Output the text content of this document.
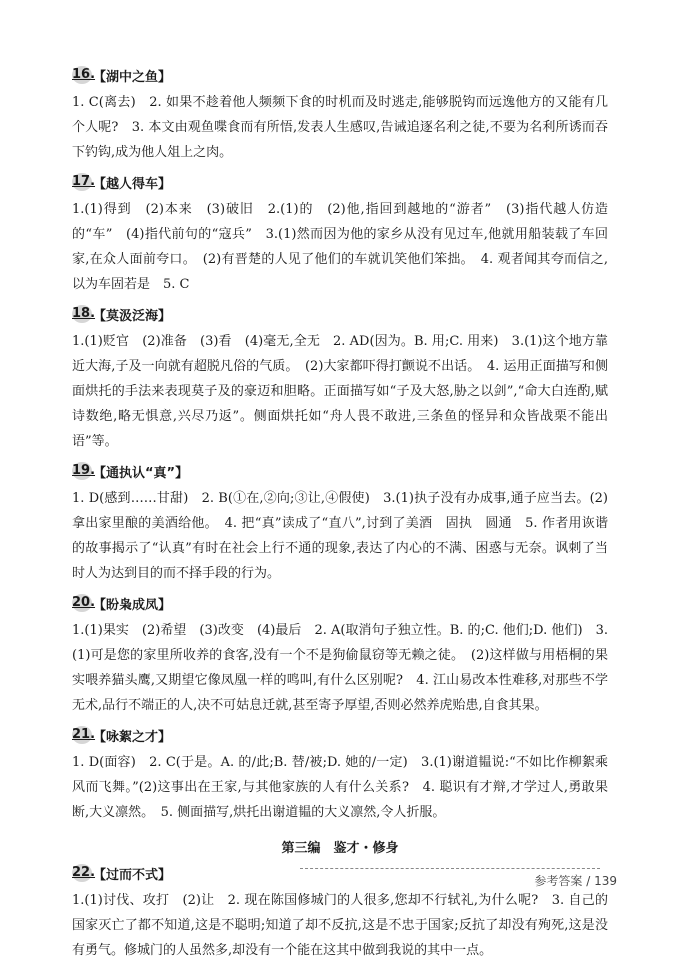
16.
【湖中之鱼】

1. C(离去)　2. 如果不趁着他人频频下食的时机而及时逃走,能够脱钩而远逸他方的又能有几个人呢?　3. 本文由观鱼喋食而有所悟,发表人生感叹,告诫追逐名利之徒,不要为名利所诱而吞下钓钩,成为他人俎上之肉。

17.
【越人得车】

1.(1)得到　(2)本来　(3)破旧　2.(1)的　(2)他,指回到越地的“游者”　(3)指代越人仿造的“车”　(4)指代前句的“寇兵”　3.(1)然而因为他的家乡从没有见过车,他就用船装载了车回家,在众人面前夸口。　(2)有晋楚的人见了他们的车就讥笑他们笨拙。　4. 观者闻其夸而信之,以为车固若是　5. C

18.
【莫汲泛海】

1.(1)贬官　(2)准备　(3)看　(4)毫无,全无　2. AD(因为。B. 用;C. 用来)　3.(1)这个地方靠近大海,子及一向就有超脱凡俗的气质。　(2)大家都吓得打颤说不出话。　4. 运用正面描写和侧面烘托的手法来表现莫子及的豪迈和胆略。正面描写如“子及大怒,胁之以剑”,“命大白连酌,赋诗数绝,略无惧意,兴尽乃返”。侧面烘托如“舟人畏不敢进,三条鱼的怪异和众皆战栗不能出语”等。

19.
【通执认“真”】

1. D(感到……甘甜)　2. B(①在,②向;③让,④假使)　3.(1)执子没有办成事,通子应当去。(2)拿出家里酿的美酒给他。　4. 把“真”读成了“直八”,讨到了美酒　固执　圆通　5. 作者用诙谐的故事揭示了“认真”有时在社会上行不通的现象,表达了内心的不满、困惑与无奈。讽刺了当时人为达到目的而不择手段的行为。

20.
【盼枭成凤】

1.(1)果实　(2)希望　(3)改变　(4)最后　2. A(取消句子独立性。B. 的;C. 他们;D. 他们)　3.(1)可是您的家里所收养的食客,没有一个不是狗偷鼠窃等无赖之徒。　(2)这样做与用梧桐的果实喂养猫头鹰,又期望它像凤凰一样的鸣叫,有什么区别呢?　4. 江山易改本性难移,对那些不学无术,品行不端正的人,决不可姑息迁就,甚至寄予厚望,否则必然养虎贻患,自食其果。

21.
【咏絮之才】

1. D(面容)　2. C(于是。A. 的/此;B. 替/被;D. 她的/一定)　3.(1)谢道韫说:“不如比作柳絮乘风而飞舞。”(2)这事出在王家,与其他家族的人有什么关系?　4. 聪识有才辩,才学过人,勇敢果断,大义凛然。　5. 侧面描写,烘托出谢道韫的大义凛然,令人折服。

第三编　鉴才・修身
22.
【过而不式】

1.(1)讨伐、攻打　(2)让　2. 现在陈国修城门的人很多,您却不行轼礼,为什么呢?　3. 自己的国家灭亡了都不知道,这是不聪明;知道了却不反抗,这是不忠于国家;反抗了却没有殉死,这是没有勇气。修城门的人虽然多,却没有一个能在这其中做到我说的其中一点。

参考答案 / 139
